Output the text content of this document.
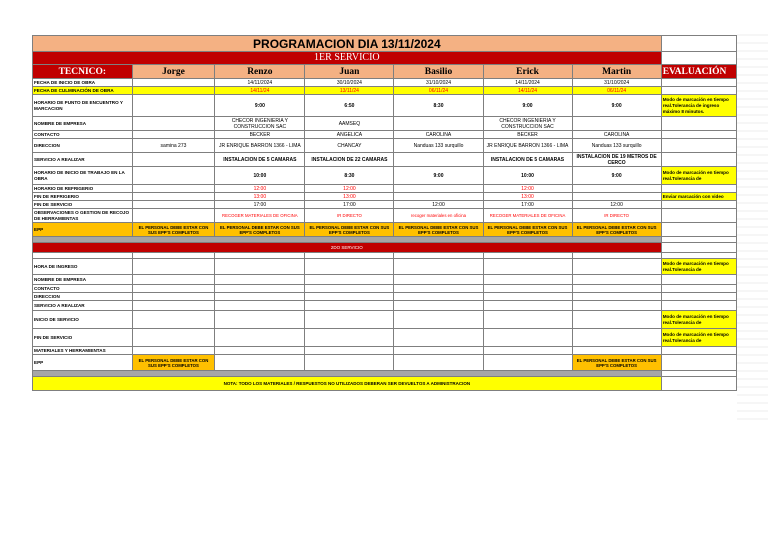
PROGRAMACION DIA 13/11/2024							
1ER SERVICIO							
TECNICO:	Jorge	Renzo	Juan	Basilio	Erick	Martin	EVALUACIÓN
FECHA DE INICIO DE OBRA		14/11/2024	30/10/2024	31/10/2024	14/11/2024	31/10/2024	
FECHA DE CULMINACIÓN DE OBRA		14/11/24	13/11/24	06/11/24	14/11/24	06/11/24	
HORARIO DE PUNTO DE ENCUENTRO Y MARCACION		9:00	6:50	8:30	9:00	9:00	Modo de marcación en tiempo real.Tolerancia de ingreso máximo 8 minutos.
NOMBRE DE EMPRESA		CHECOR INGENIERIA Y CONSTRUCCION SAC	AAMSEQ		CHECOR INGENIERIA Y CONSTRUCCION SAC		
CONTACTO		BECKER	ANGELICA	CAROLINA	BECKER	CAROLINA	
DIRECCION	samina 273	JR ENRIQUE BARRON 1366 - LIMA	CHANCAY	Nanduas 133 surquillo	JR ENRIQUE BARRON 1366 - LIMA	Nanduas 133 surquillo	
SERVICIO A REALIZAR		INSTALACION DE 5 CAMARAS	INSTALACION DE 22 CAMARAS		INSTALACION DE 5 CAMARAS	INSTALACION DE 19 METROS DE CERCO	
HORARIO DE INICIO DE TRABAJO EN LA OBRA		10:00	8:30	9:00	10:00	9:00	Modo de marcación en tiempo real.Tolerancia de
HORARIO DE REFRIGERIO		12:00	12:00		12:00		
FIN DE REFRIGERIO		13:00	13:00		13:00		Enviar marcación con video
FIN DE SERVICIO		17:00	17:00	12:00	17:00	12:00	
OBSERVACIONES O GESTION DE RECOJO DE HERRAMIENTAS		RECOGER MATERIALES DE OFICINA	IR DIRECTO	recoger materiales en oficina	RECOGER MATERIALES DE OFICINA	IR DIRECTO	
EPP	EL PERSONAL DEBE ESTAR CON SUS EPP'S COMPLETOS	EL PERSONAL DEBE ESTAR CON SUS EPP'S COMPLETOS	EL PERSONAL DEBE ESTAR CON SUS EPP'S COMPLETOS	EL PERSONAL DEBE ESTAR CON SUS EPP'S COMPLETOS	EL PERSONAL DEBE ESTAR CON SUS EPP'S COMPLETOS	EL PERSONAL DEBE ESTAR CON SUS EPP'S COMPLETOS	

2DO SERVICIO							

HORA DE INGRESO							Modo de marcación en tiempo real.Tolerancia de
NOMBRE DE EMPRESA							
CONTACTO							
DIRECCION							
SERVICIO A REALIZAR							
INICIO DE SERVICIO							Modo de marcación en tiempo real.Tolerancia de
FIN DE SERVICIO							Modo de marcación en tiempo real.Tolerancia de
MATERIALES Y HERRAMIENTAS							
EPP	EL PERSONAL DEBE ESTAR CON SUS EPP'S COMPLETOS					EL PERSONAL DEBE ESTAR CON SUS EPP'S COMPLETOS	

NOTA: TODO LOS MATERIALES / RESPUESTOS NO UTILIZADOS DEBERAN SER DEVUELTOS A ADMINISTRACION							
